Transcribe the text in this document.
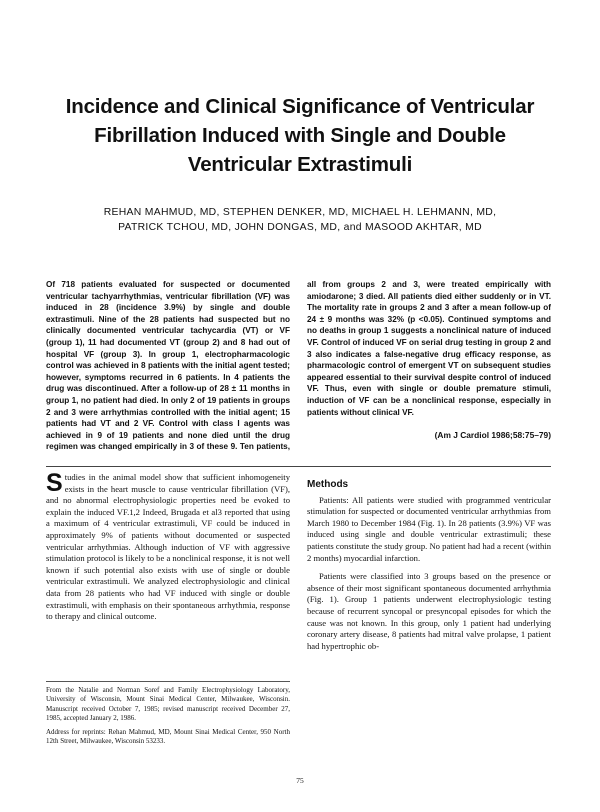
Incidence and Clinical Significance of Ventricular
Fibrillation Induced with Single and Double
Ventricular Extrastimuli
REHAN MAHMUD, MD, STEPHEN DENKER, MD, MICHAEL H. LEHMANN, MD,
PATRICK TCHOU, MD, JOHN DONGAS, MD, and MASOOD AKHTAR, MD

Of 718 patients evaluated for suspected or documented ventricular tachyarrhythmias, ventricular fibrillation (VF) was induced in 28 (incidence 3.9%) by single and double extrastimuli. Nine of the 28 patients had suspected but no clinically documented ventricular tachycardia (VT) or VF (group 1), 11 had documented VT (group 2) and 8 had out of hospital VF (group 3). In group 1, electropharmacologic control was achieved in 8 patients with the initial agent tested; however, symptoms recurred in 6 patients. In 4 patients the drug was discontinued. After a follow-up of 28 ± 11 months in group 1, no patient had died. In only 2 of 19 patients in groups 2 and 3 were arrhythmias controlled with the initial agent; 15 patients had VT and 2 VF. Control with class I agents was achieved in 9 of 19 patients and none died until the drug regimen was changed empirically in 3 of these 9. Ten patients, all from groups 2 and 3, were treated empirically with amiodarone; 3 died. All patients died either suddenly or in VT. The mortality rate in groups 2 and 3 after a mean follow-up of 24 ± 9 months was 32% (p <0.05). Continued symptoms and no deaths in group 1 suggests a nonclinical nature of induced VF. Control of induced VF on serial drug testing in group 2 and 3 also indicates a false-negative drug efficacy response, as pharmacologic control of emergent VT on subsequent studies appeared essential to their survival despite control of induced VF. Thus, even with single or double premature stimuli, induction of VF can be a nonclinical response, especially in patients without clinical VF.

(Am J Cardiol 1986;58:75–79)

Studies in the animal model show that sufficient inhomogeneity exists in the heart muscle to cause ventricular fibrillation (VF), and no abnormal electrophysiologic properties need be evoked to explain the induced VF.1,2 Indeed, Brugada et al3 reported that using a maximum of 4 ventricular extrastimuli, VF could be induced in approximately 9% of patients without documented or suspected ventricular arrhythmias. Although induction of VF with aggressive stimulation protocol is likely to be a nonclinical response, it is not well known if such potential also exists with use of single or double ventricular extrastimuli. We analyzed electrophysiologic and clinical data from 28 patients who had VF induced with single or double extrastimuli, with emphasis on their spontaneous arrhythmia, response to therapy and clinical outcome.

Methods

Patients: All patients were studied with programmed ventricular stimulation for suspected or documented ventricular arrhythmias from March 1980 to December 1984 (Fig. 1). In 28 patients (3.9%) VF was induced using single and double ventricular extrastimuli; these patients constitute the study group. No patient had had a recent (within 2 months) myocardial infarction.

Patients were classified into 3 groups based on the presence or absence of their most significant spontaneous documented arrhythmia (Fig. 1). Group 1 patients underwent electrophysiologic testing because of recurrent syncopal or presyncopal episodes for which the cause was not known. In this group, only 1 patient had underlying coronary artery disease, 8 patients had mitral valve prolapse, 1 patient had hypertrophic ob-

From the Natalie and Norman Soref and Family Electrophysiology Laboratory, University of Wisconsin, Mount Sinai Medical Center, Milwaukee, Wisconsin. Manuscript received October 7, 1985; revised manuscript received December 27, 1985, accepted January 2, 1986.

Address for reprints: Rehan Mahmud, MD, Mount Sinai Medical Center, 950 North 12th Street, Milwaukee, Wisconsin 53233.

75
